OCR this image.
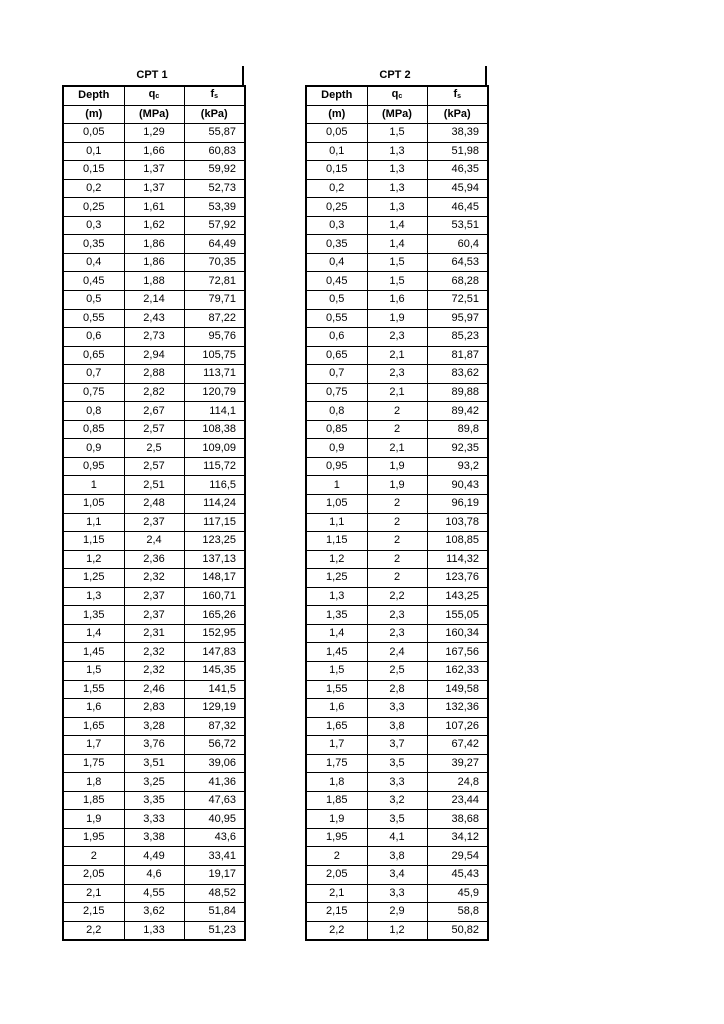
CPT 1
Depth	$q_c$	$f_s$
(m)	(MPa)	(kPa)
0,05	1,29	55,87
0,1	1,66	60,83
0,15	1,37	59,92
0,2	1,37	52,73
0,25	1,61	53,39
0,3	1,62	57,92
0,35	1,86	64,49
0,4	1,86	70,35
0,45	1,88	72,81
0,5	2,14	79,71
0,55	2,43	87,22
0,6	2,73	95,76
0,65	2,94	105,75
0,7	2,88	113,71
0,75	2,82	120,79
0,8	2,67	114,1
0,85	2,57	108,38
0,9	2,5	109,09
0,95	2,57	115,72
1	2,51	116,5
1,05	2,48	114,24
1,1	2,37	117,15
1,15	2,4	123,25
1,2	2,36	137,13
1,25	2,32	148,17
1,3	2,37	160,71
1,35	2,37	165,26
1,4	2,31	152,95
1,45	2,32	147,83
1,5	2,32	145,35
1,55	2,46	141,5
1,6	2,83	129,19
1,65	3,28	87,32
1,7	3,76	56,72
1,75	3,51	39,06
1,8	3,25	41,36
1,85	3,35	47,63
1,9	3,33	40,95
1,95	3,38	43,6
2	4,49	33,41
2,05	4,6	19,17
2,1	4,55	48,52
2,15	3,62	51,84
2,2	1,33	51,23
CPT 2
Depth	$q_c$	$f_s$
(m)	(MPa)	(kPa)
0,05	1,5	38,39
0,1	1,3	51,98
0,15	1,3	46,35
0,2	1,3	45,94
0,25	1,3	46,45
0,3	1,4	53,51
0,35	1,4	60,4
0,4	1,5	64,53
0,45	1,5	68,28
0,5	1,6	72,51
0,55	1,9	95,97
0,6	2,3	85,23
0,65	2,1	81,87
0,7	2,3	83,62
0,75	2,1	89,88
0,8	2	89,42
0,85	2	89,8
0,9	2,1	92,35
0,95	1,9	93,2
1	1,9	90,43
1,05	2	96,19
1,1	2	103,78
1,15	2	108,85
1,2	2	114,32
1,25	2	123,76
1,3	2,2	143,25
1,35	2,3	155,05
1,4	2,3	160,34
1,45	2,4	167,56
1,5	2,5	162,33
1,55	2,8	149,58
1,6	3,3	132,36
1,65	3,8	107,26
1,7	3,7	67,42
1,75	3,5	39,27
1,8	3,3	24,8
1,85	3,2	23,44
1,9	3,5	38,68
1,95	4,1	34,12
2	3,8	29,54
2,05	3,4	45,43
2,1	3,3	45,9
2,15	2,9	58,8
2,2	1,2	50,82
